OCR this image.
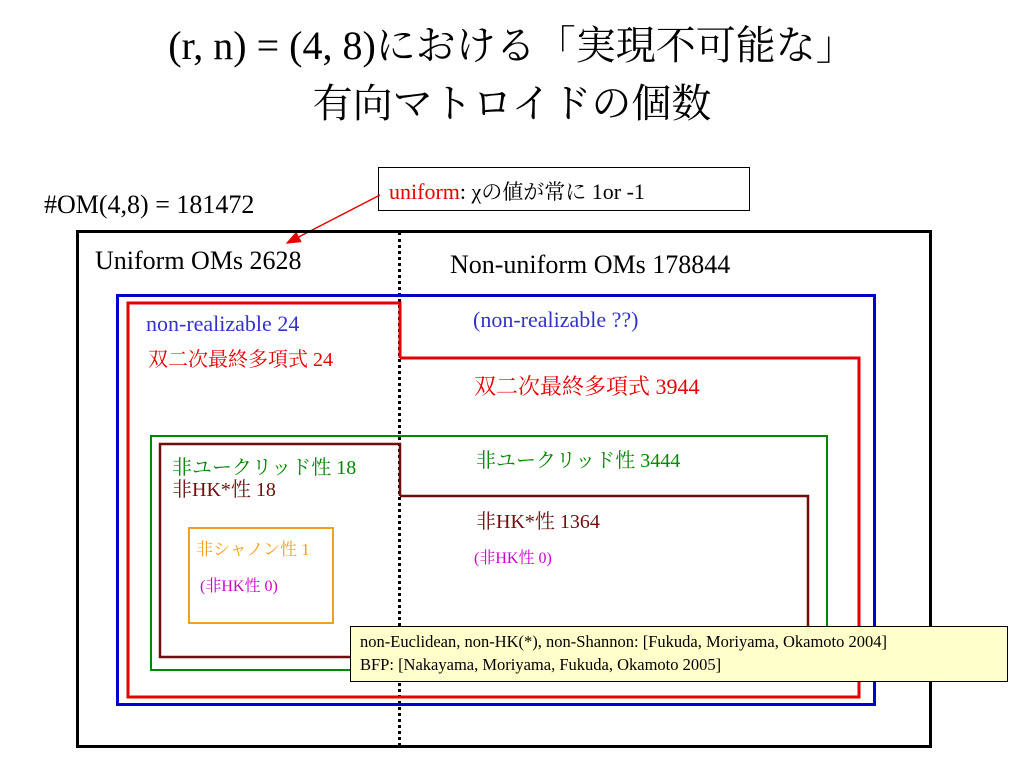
(r, n) = (4, 8)における「実現不可能な」
有向マトロイドの個数
#OM(4,8) = 181472	uniform: χの値が常に 1or -1
Uniform OMs 2628	Non-uniform OMs 178844
non-realizable 24	(non-realizable ??)
双二次最終多項式 24
双二次最終多項式 3944
非ユークリッド性 18	非ユークリッド性 3444
非HK*性 18
非HK*性 1364
非シャノン性 1
(非HK性 0)
(非HK性 0)
non-Euclidean, non-HK(*), non-Shannon: [Fukuda, Moriyama, Okamoto 2004]
BFP: [Nakayama, Moriyama, Fukuda, Okamoto 2005]
